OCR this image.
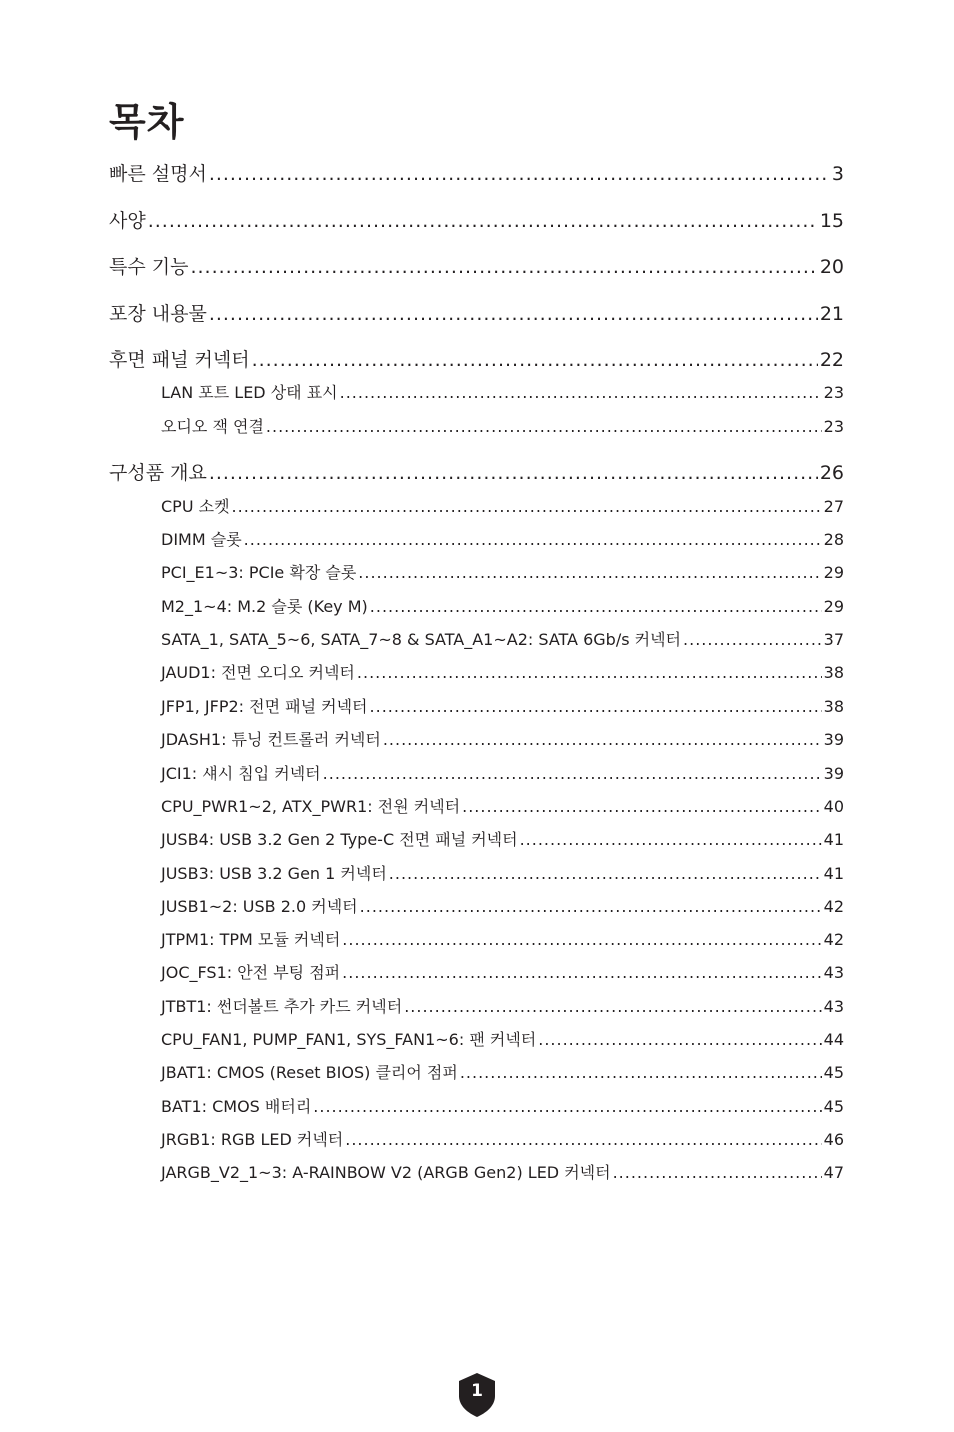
목차
빠른 설명서 .....	3
사양 .....	15
특수 기능 .....	20
포장 내용물 .....	21
후면 패널 커넥터 .....	22
LAN 포트 LED 상태 표시 .....	23
오디오 잭 연결 .....	23
구성품 개요 .....	26
CPU 소켓 .....	27
DIMM 슬롯 .....	28
PCI_E1~3: PCIe 확장 슬롯 .....	29
M2_1~4: M.2 슬롯 (Key M) .....	29
SATA_1, SATA_5~6, SATA_7~8 & SATA_A1~A2: SATA 6Gb/s 커넥터 .....	37
JAUD1: 전면 오디오 커넥터 .....	38
JFP1, JFP2: 전면 패널 커넥터 .....	38
JDASH1: 튜닝 컨트롤러 커넥터 .....	39
JCI1: 섀시 침입 커넥터 .....	39
CPU_PWR1~2, ATX_PWR1: 전원 커넥터 .....	40
JUSB4: USB 3.2 Gen 2 Type-C 전면 패널 커넥터 .....	41
JUSB3: USB 3.2 Gen 1 커넥터 .....	41
JUSB1~2: USB 2.0 커넥터 .....	42
JTPM1: TPM 모듈 커넥터 .....	42
JOC_FS1: 안전 부팅 점퍼 .....	43
JTBT1: 썬더볼트 추가 카드 커넥터 .....	43
CPU_FAN1, PUMP_FAN1, SYS_FAN1~6: 팬 커넥터 .....	44
JBAT1: CMOS (Reset BIOS) 클리어 점퍼 .....	45
BAT1: CMOS 배터리 .....	45
JRGB1: RGB LED 커넥터 .....	46
JARGB_V2_1~3: A-RAINBOW V2 (ARGB Gen2) LED 커넥터 .....	47
1
